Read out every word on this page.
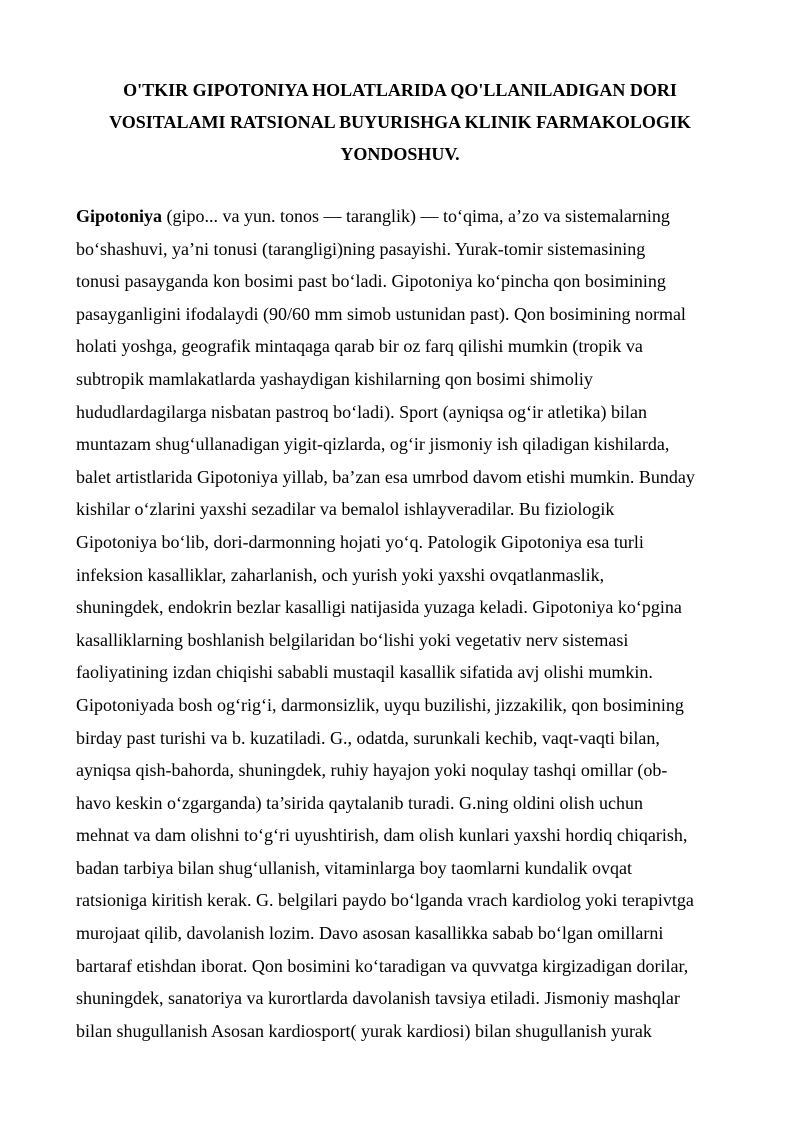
O'TKIR GIPOTONIYA HOLATLARIDA QO'LLANILADIGAN DORI
VOSITALAMI RATSIONAL BUYURISHGA KLINIK FARMAKOLOGIK
YONDOSHUV.
Gipotoniya (gipo... va yun. tonos — taranglik) — to‘qima, a’zo va sistemalarning
bo‘shashuvi, ya’ni tonusi (tarangligi)ning pasayishi. Yurak-tomir sistemasining
tonusi pasayganda kon bosimi past bo‘ladi. Gipotoniya ko‘pincha qon bosimining
pasayganligini ifodalaydi (90/60 mm simob ustunidan past). Qon bosimining normal
holati yoshga, geografik mintaqaga qarab bir oz farq qilishi mumkin (tropik va
subtropik mamlakatlarda yashaydigan kishilarning qon bosimi shimoliy
hududlardagilarga nisbatan pastroq bo‘ladi). Sport (ayniqsa og‘ir atletika) bilan
muntazam shug‘ullanadigan yigit-qizlarda, og‘ir jismoniy ish qiladigan kishilarda,
balet artistlarida Gipotoniya yillab, ba’zan esa umrbod davom etishi mumkin. Bunday
kishilar o‘zlarini yaxshi sezadilar va bemalol ishlayveradilar. Bu fiziologik
Gipotoniya bo‘lib, dori-darmonning hojati yo‘q. Patologik Gipotoniya esa turli
infeksion kasalliklar, zaharlanish, och yurish yoki yaxshi ovqatlanmaslik,
shuningdek, endokrin bezlar kasalligi natijasida yuzaga keladi. Gipotoniya ko‘pgina
kasalliklarning boshlanish belgilaridan bo‘lishi yoki vegetativ nerv sistemasi
faoliyatining izdan chiqishi sababli mustaqil kasallik sifatida avj olishi mumkin.
Gipotoniyada bosh og‘rig‘i, darmonsizlik, uyqu buzilishi, jizzakilik, qon bosimining
birday past turishi va b. kuzatiladi. G., odatda, surunkali kechib, vaqt-vaqti bilan,
ayniqsa qish-bahorda, shuningdek, ruhiy hayajon yoki noqulay tashqi omillar (ob-
havo keskin o‘zgarganda) ta’sirida qaytalanib turadi. G.ning oldini olish uchun
mehnat va dam olishni to‘g‘ri uyushtirish, dam olish kunlari yaxshi hordiq chiqarish,
badan tarbiya bilan shug‘ullanish, vitaminlarga boy taomlarni kundalik ovqat
ratsioniga kiritish kerak. G. belgilari paydo bo‘lganda vrach kardiolog yoki terapivtga
murojaat qilib, davolanish lozim. Davo asosan kasallikka sabab bo‘lgan omillarni
bartaraf etishdan iborat. Qon bosimini ko‘taradigan va quvvatga kirgizadigan dorilar,
shuningdek, sanatoriya va kurortlarda davolanish tavsiya etiladi. Jismoniy mashqlar
bilan shugullanish Asosan kardiosport( yurak kardiosi) bilan shugullanish yurak
